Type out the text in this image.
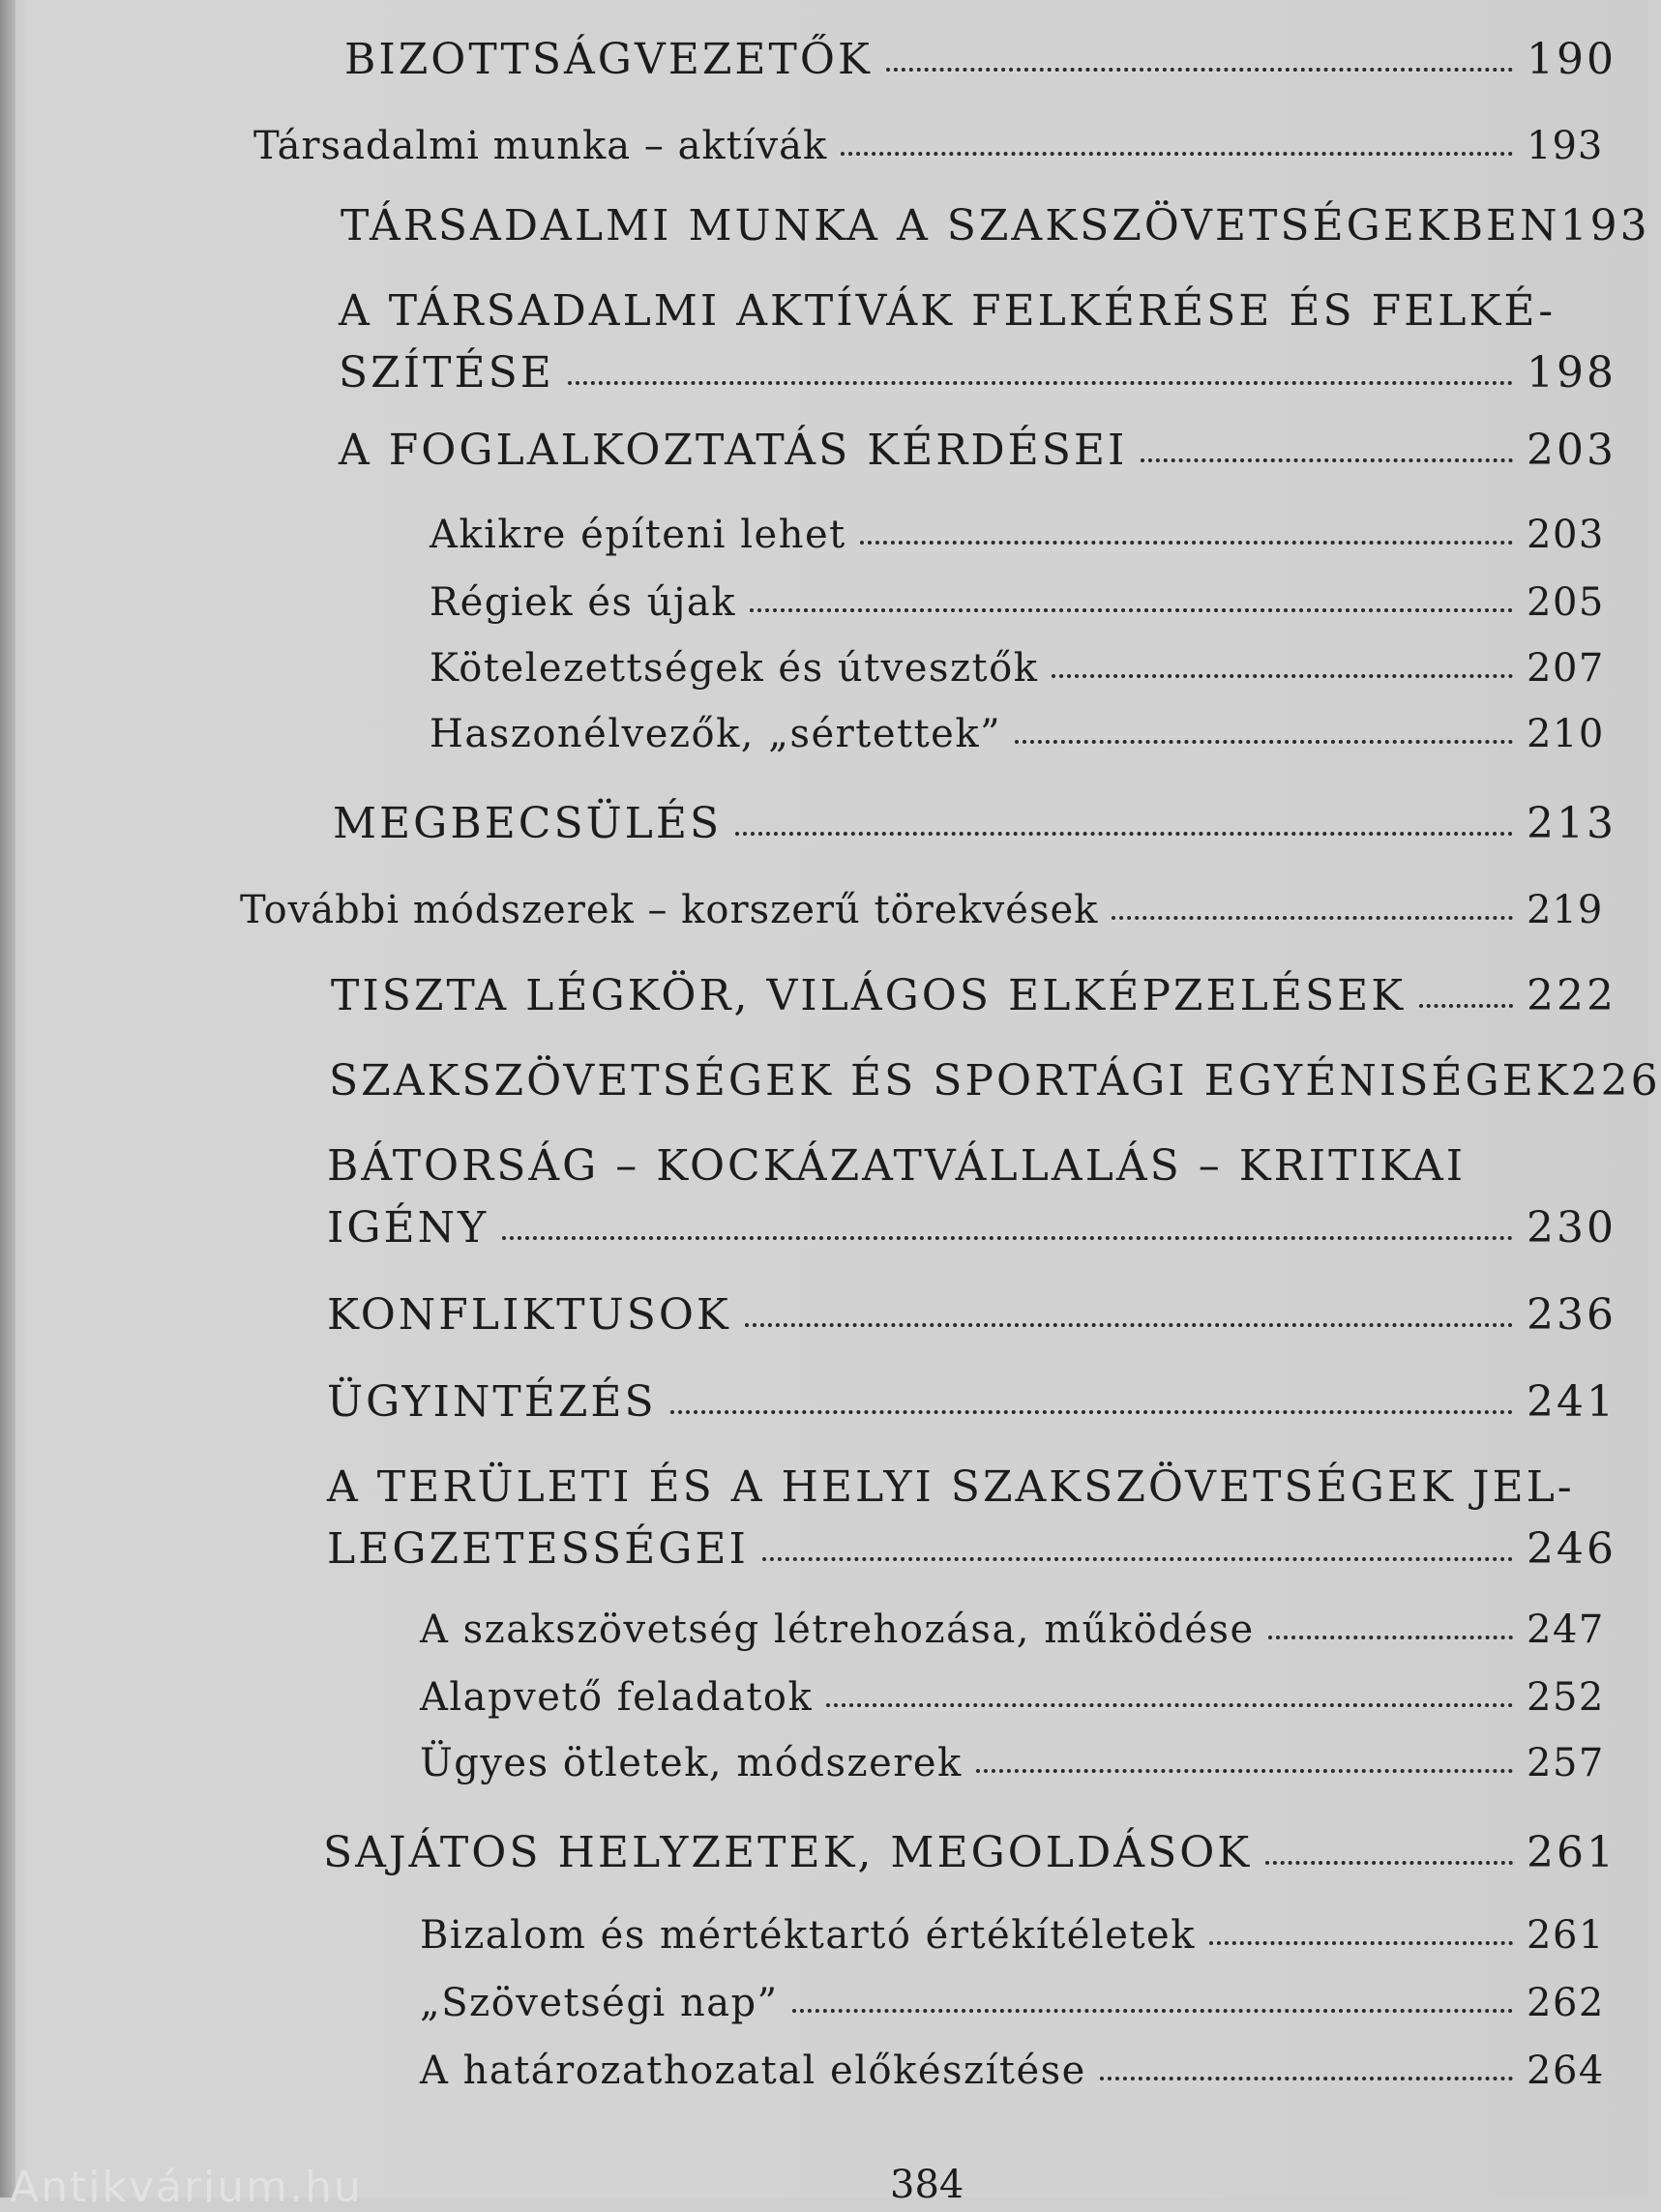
BIZOTTSÁGVEZETŐK	190
Társadalmi munka – aktívák	193
TÁRSADALMI MUNKA A SZAKSZÖVETSÉGEKBEN 193
A TÁRSADALMI AKTÍVÁK FELKÉRÉSE ÉS FELKÉ-
SZÍTÉSE	198
A FOGLALKOZTATÁS KÉRDÉSEI	203
Akikre építeni lehet	203
Régiek és újak	205
Kötelezettségek és útvesztők	207
Haszonélvezők, „sértettek”	210
MEGBECSÜLÉS	213
További módszerek – korszerű törekvések	219
TISZTA LÉGKÖR, VILÁGOS ELKÉPZELÉSEK	222
SZAKSZÖVETSÉGEK ÉS SPORTÁGI EGYÉNISÉGEK 226
BÁTORSÁG – KOCKÁZATVÁLLALÁS – KRITIKAI
IGÉNY	230
KONFLIKTUSOK	236
ÜGYINTÉZÉS	241
A TERÜLETI ÉS A HELYI SZAKSZÖVETSÉGEK JEL-
LEGZETESSÉGEI	246
A szakszövetség létrehozása, működése	247
Alapvető feladatok	252
Ügyes ötletek, módszerek	257
SAJÁTOS HELYZETEK, MEGOLDÁSOK	261
Bizalom és mértéktartó értékítéletek	261
„Szövetségi nap”	262
A határozathozatal előkészítése	264
384
Antikvárium.hu
